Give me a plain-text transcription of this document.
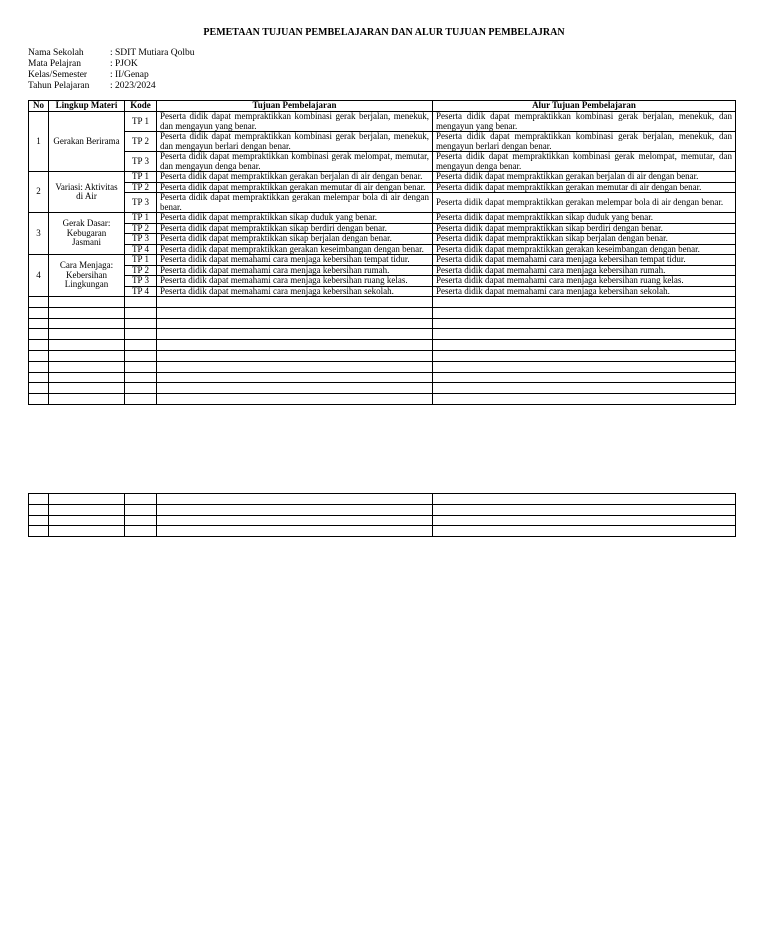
PEMETAAN TUJUAN PEMBELAJARAN DAN ALUR TUJUAN PEMBELAJRAN
Nama Sekolah	: SDIT Mutiara Qolbu
Mata Pelajran	: PJOK
Kelas/Semester	: II/Genap
Tahun Pelajaran	: 2023/2024
No	Lingkup Materi	Kode	Tujuan Pembelajaran	Alur Tujuan Pembelajaran
1	Gerakan Berirama	TP 1	Peserta didik dapat mempraktikkan kombinasi gerak berjalan, menekuk, dan mengayun yang benar.	Peserta didik dapat mempraktikkan kombinasi gerak berjalan, menekuk, dan mengayun yang benar.
		TP 2	Peserta didik dapat mempraktikkan kombinasi gerak berjalan, menekuk, dan mengayun berlari dengan benar.	Peserta didik dapat mempraktikkan kombinasi gerak berjalan, menekuk, dan mengayun berlari dengan benar.
		TP 3	Peserta didik dapat mempraktikkan kombinasi gerak melompat, memutar, dan mengayun denga benar.	Peserta didik dapat mempraktikkan kombinasi gerak melompat, memutar, dan mengayun denga benar.
2	Variasi: Aktivitas di Air	TP 1	Peserta didik dapat mempraktikkan gerakan berjalan di air dengan benar.	Peserta didik dapat mempraktikkan gerakan berjalan di air dengan benar.
		TP 2	Peserta didik dapat mempraktikkan gerakan memutar di air dengan benar.	Peserta didik dapat mempraktikkan gerakan memutar di air dengan benar.
		TP 3	Peserta didik dapat mempraktikkan gerakan melempar bola di air dengan benar.	Peserta didik dapat mempraktikkan gerakan melempar bola di air dengan benar.
3	Gerak Dasar: Kebugaran Jasmani	TP 1	Peserta didik dapat mempraktikkan sikap duduk yang benar.	Peserta didik dapat mempraktikkan sikap duduk yang benar.
		TP 2	Peserta didik dapat mempraktikkan sikap berdiri dengan benar.	Peserta didik dapat mempraktikkan sikap berdiri dengan benar.
		TP 3	Peserta didik dapat mempraktikkan sikap berjalan dengan benar.	Peserta didik dapat mempraktikkan sikap berjalan dengan benar.
		TP 4	Peserta didik dapat mempraktikkan gerakan keseimbangan dengan benar.	Peserta didik dapat mempraktikkan gerakan keseimbangan dengan benar.
4	Cara Menjaga: Kebersihan Lingkungan	TP 1	Peserta didik dapat memahami cara menjaga kebersihan tempat tidur.	Peserta didik dapat memahami cara menjaga kebersihan tempat tidur.
		TP 2	Peserta didik dapat memahami cara menjaga kebersihan rumah.	Peserta didik dapat memahami cara menjaga kebersihan rumah.
		TP 3	Peserta didik dapat memahami cara menjaga kebersihan ruang kelas.	Peserta didik dapat memahami cara menjaga kebersihan ruang kelas.
		TP 4	Peserta didik dapat memahami cara menjaga kebersihan sekolah.	Peserta didik dapat memahami cara menjaga kebersihan sekolah.
